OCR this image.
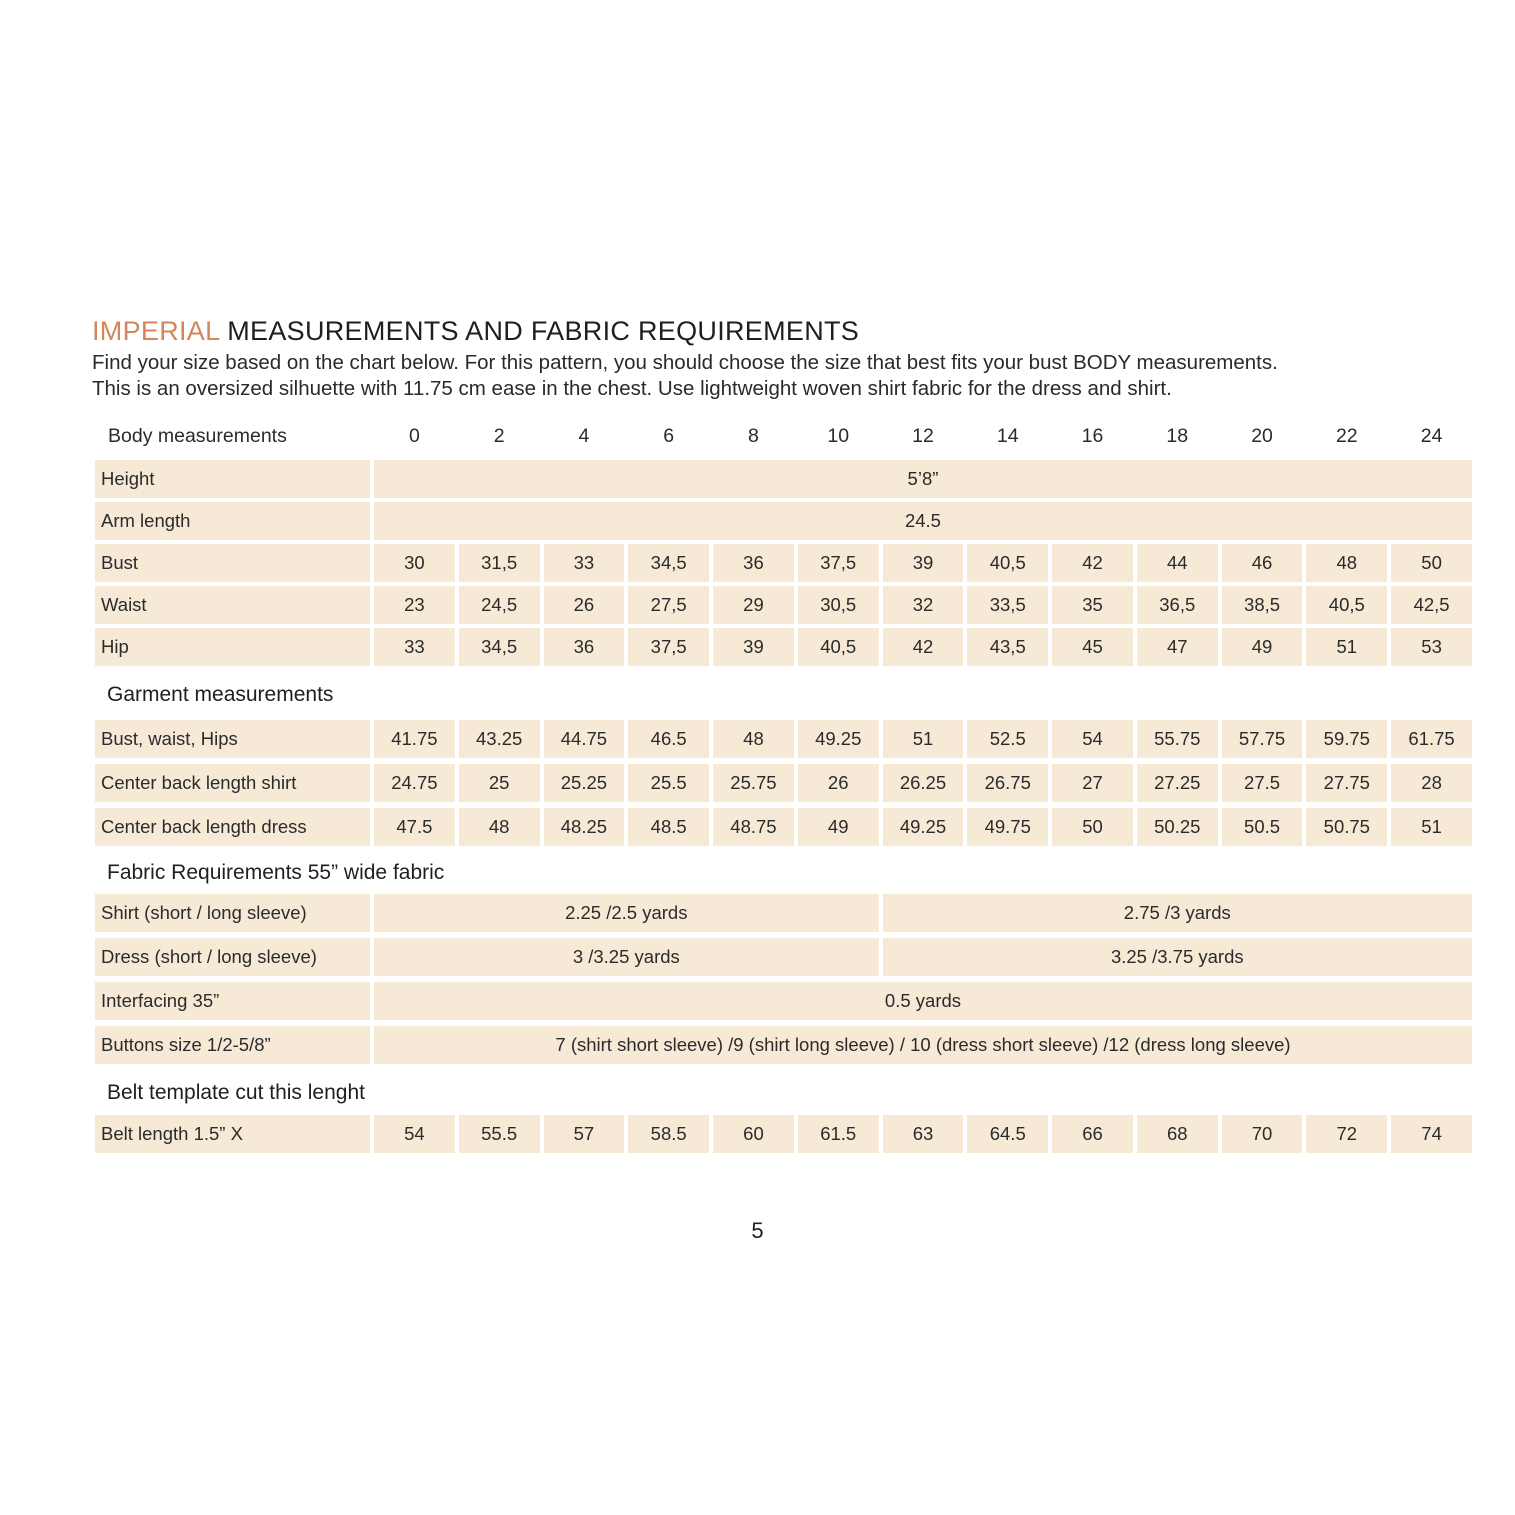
IMPERIAL MEASUREMENTS AND FABRIC REQUIREMENTS

Find your size based on the chart below. For this pattern, you should choose the size that best fits your bust BODY measurements.

This is an oversized silhuette with 11.75 cm ease in the chest. Use lightweight woven shirt fabric for the dress and shirt.

Body measurements	0	2	4	6	8	10	12	14	16	18	20	22	24
Height	5’8”
Arm length	24.5
Bust	30	31,5	33	34,5	36	37,5	39	40,5	42	44	46	48	50
Waist	23	24,5	26	27,5	29	30,5	32	33,5	35	36,5	38,5	40,5	42,5
Hip	33	34,5	36	37,5	39	40,5	42	43,5	45	47	49	51	53
Garment measurements
Bust, waist, Hips	41.75	43.25	44.75	46.5	48	49.25	51	52.5	54	55.75	57.75	59.75	61.75
Center back length shirt	24.75	25	25.25	25.5	25.75	26	26.25	26.75	27	27.25	27.5	27.75	28
Center back length dress	47.5	48	48.25	48.5	48.75	49	49.25	49.75	50	50.25	50.5	50.75	51
Fabric Requirements 55” wide fabric
Shirt (short / long sleeve)	2.25 /2.5 yards	2.75 /3 yards
Dress (short / long sleeve)	3 /3.25 yards	3.25 /3.75 yards
Interfacing 35”	0.5 yards
Buttons size 1/2-5/8”	7 (shirt short sleeve) /9 (shirt long sleeve) / 10 (dress short sleeve) /12 (dress long sleeve)
Belt template cut this lenght
Belt length 1.5” X	54	55.5	57	58.5	60	61.5	63	64.5	66	68	70	72	74

5
